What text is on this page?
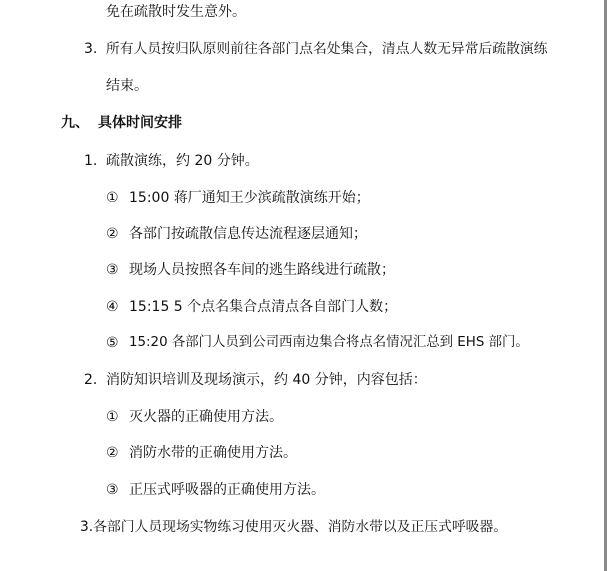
免在疏散时发生意外。
3. 所有人员按归队原则前往各部门点名处集合，清点人数无异常后疏散演练
结束。
九、 具体时间安排
1. 疏散演练，约 20 分钟。
① 15:00 蒋厂通知王少滨疏散演练开始；
② 各部门按疏散信息传达流程逐层通知；
③ 现场人员按照各车间的逃生路线进行疏散；
④ 15:15 5 个点名集合点清点各自部门人数；
⑤ 15:20 各部门人员到公司西南边集合将点名情况汇总到 EHS 部门。
2. 消防知识培训及现场演示，约 40 分钟，内容包括：
① 灭火器的正确使用方法。
② 消防水带的正确使用方法。
③ 正压式呼吸器的正确使用方法。
3.各部门人员现场实物练习使用灭火器、消防水带以及正压式呼吸器。
